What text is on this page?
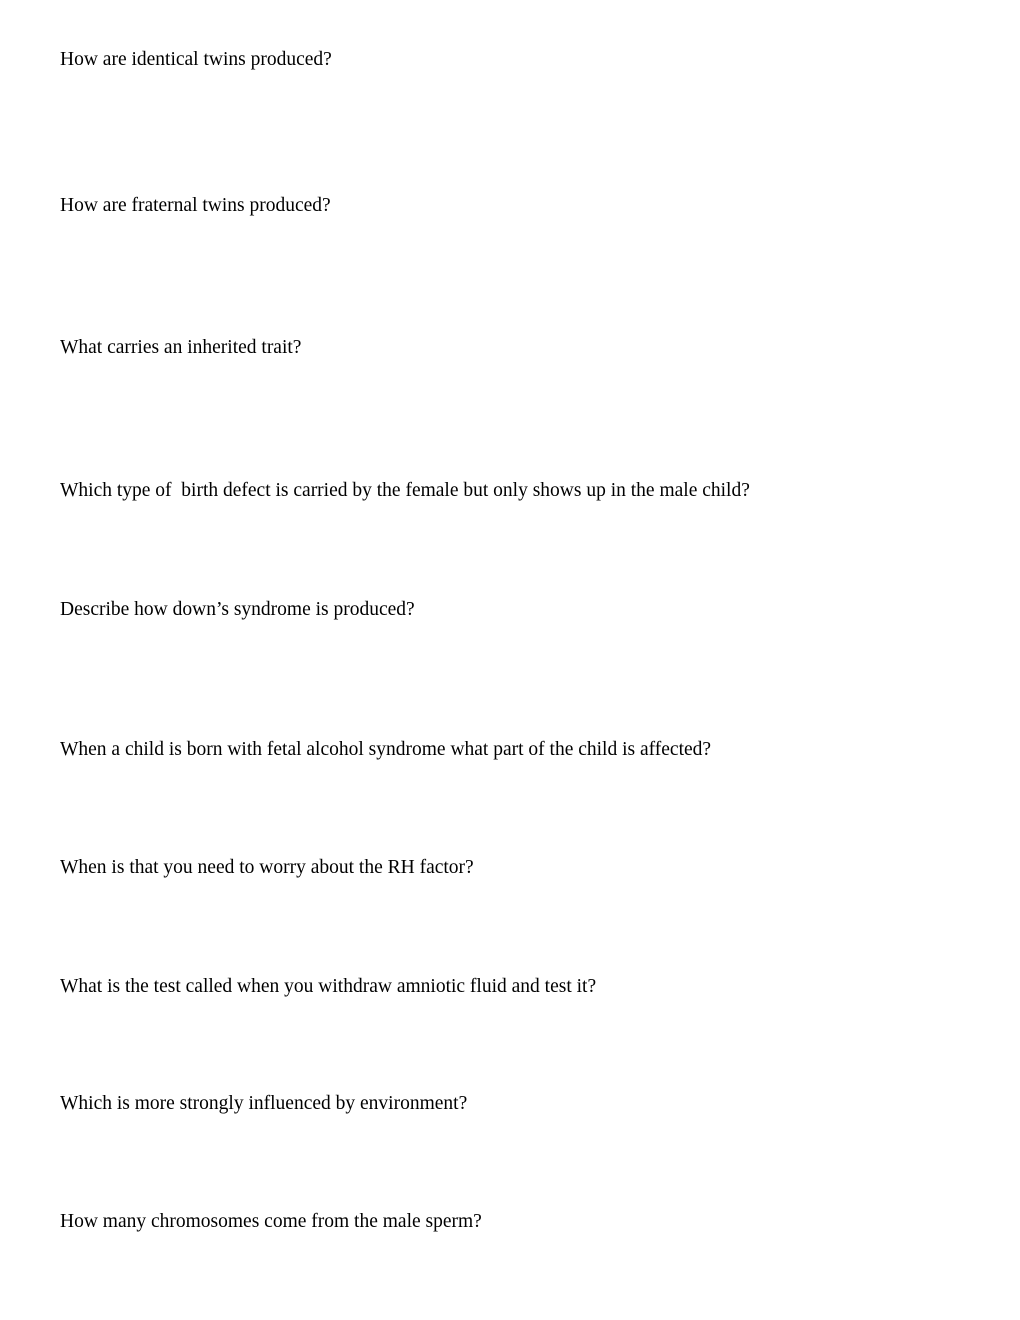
How are identical twins produced?

How are fraternal twins produced?

What carries an inherited trait?

Which type of  birth defect is carried by the female but only shows up in the male child?

Describe how down’s syndrome is produced?

When a child is born with fetal alcohol syndrome what part of the child is affected?

When is that you need to worry about the RH factor?

What is the test called when you withdraw amniotic fluid and test it?

Which is more strongly influenced by environment?

How many chromosomes come from the male sperm?
